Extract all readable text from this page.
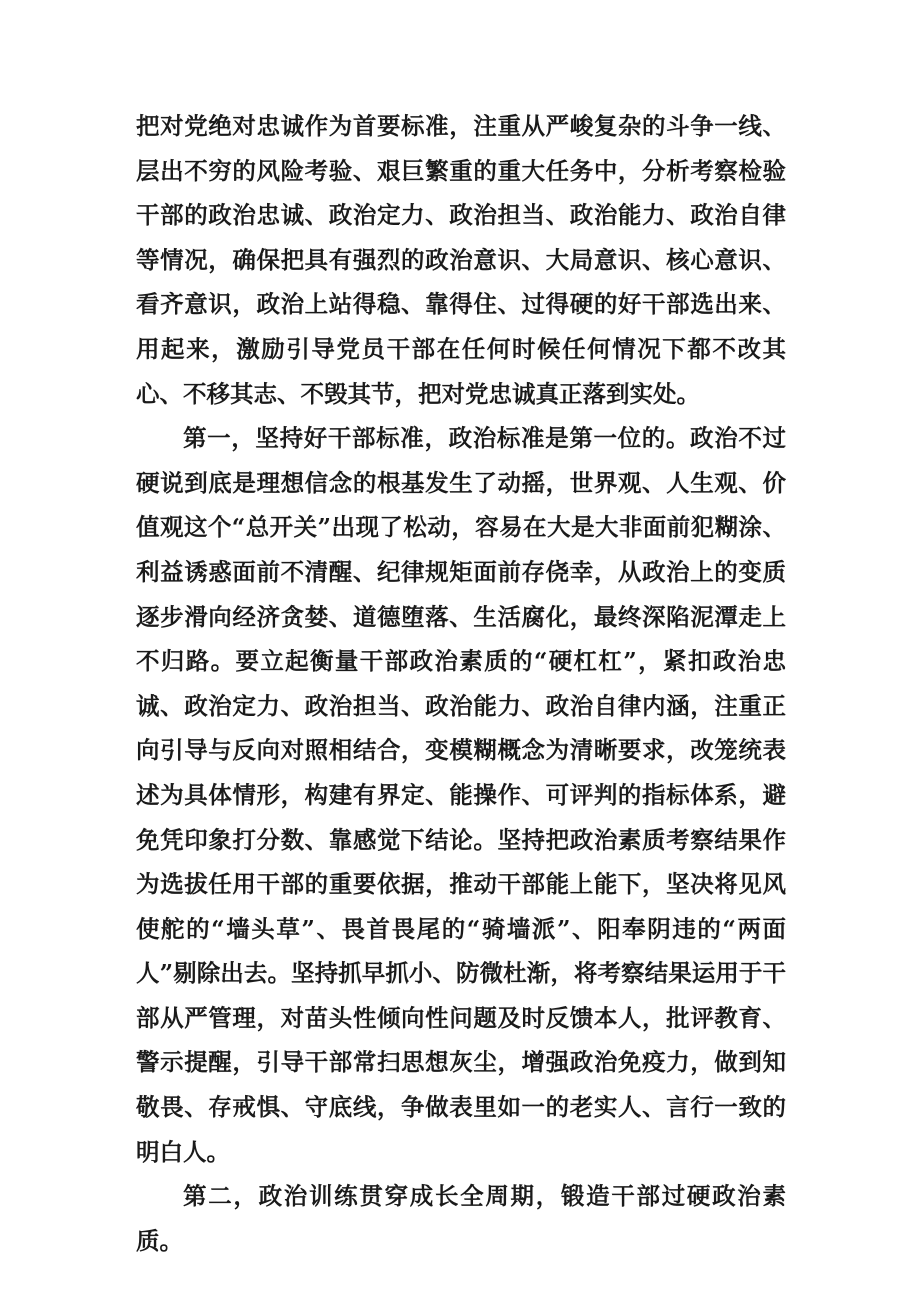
把对党绝对忠诚作为首要标准，注重从严峻复杂的斗争一线、层出不穷的风险考验、艰巨繁重的重大任务中，分析考察检验干部的政治忠诚、政治定力、政治担当、政治能力、政治自律等情况，确保把具有强烈的政治意识、大局意识、核心意识、看齐意识，政治上站得稳、靠得住、过得硬的好干部选出来、用起来，激励引导党员干部在任何时候任何情况下都不改其心、不移其志、不毁其节，把对党忠诚真正落到实处。

第一，坚持好干部标准，政治标准是第一位的。政治不过硬说到底是理想信念的根基发生了动摇，世界观、人生观、价值观这个“总开关”出现了松动，容易在大是大非面前犯糊涂、利益诱惑面前不清醒、纪律规矩面前存侥幸，从政治上的变质逐步滑向经济贪婪、道德堕落、生活腐化，最终深陷泥潭走上不归路。要立起衡量干部政治素质的“硬杠杠”，紧扣政治忠诚、政治定力、政治担当、政治能力、政治自律内涵，注重正向引导与反向对照相结合，变模糊概念为清晰要求，改笼统表述为具体情形，构建有界定、能操作、可评判的指标体系，避免凭印象打分数、靠感觉下结论。坚持把政治素质考察结果作为选拔任用干部的重要依据，推动干部能上能下，坚决将见风使舵的“墙头草”、畏首畏尾的“骑墙派”、阳奉阴违的“两面人”剔除出去。坚持抓早抓小、防微杜渐，将考察结果运用于干部从严管理，对苗头性倾向性问题及时反馈本人，批评教育、警示提醒，引导干部常扫思想灰尘，增强政治免疫力，做到知敬畏、存戒惧、守底线，争做表里如一的老实人、言行一致的明白人。

第二，政治训练贯穿成长全周期，锻造干部过硬政治素质。
